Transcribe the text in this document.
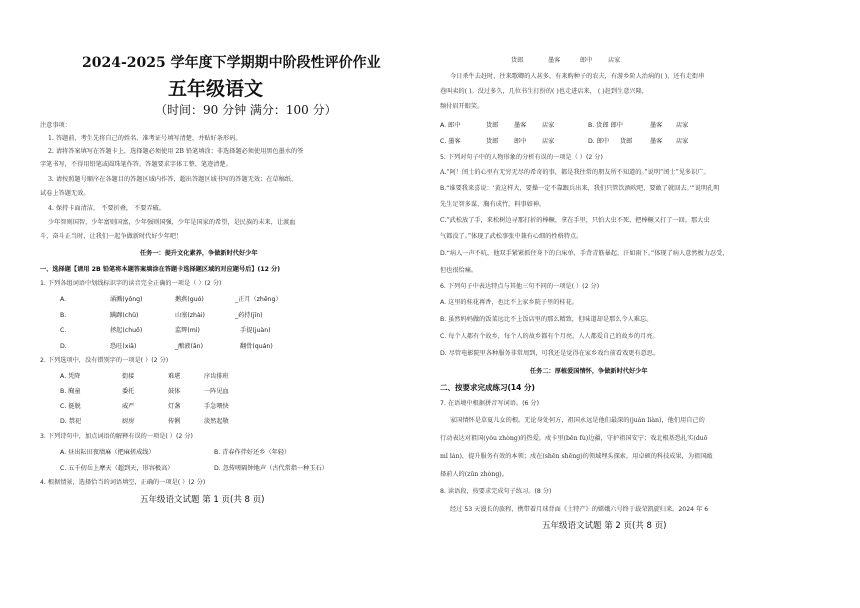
2024-2025 学年度下学期期中阶段性评价作业
五年级语文
（时间：90 分钟 满分：100 分）
注意事项：
1. 答题前，考生先将自己的姓名、准考证号填写清楚，并贴好条形码。
2. 请将答案填写在答题卡上，选择题必须使用 2B 铅笔填涂；非选择题必须使用黑色墨水的签
字笔书写，不得用铅笔或圆珠笔作答，答题要求字体工整、笔迹清楚。
3. 请按照题号顺序在各题目的答题区域内作答，超出答题区域书写的答题无效；在草稿纸、
试卷上答题无效。
4. 保持卡面清洁， 不要折叠， 不要弄破。
少年智则国智，少年富则国富，少年强则国强，少年是国家的希望，是民族的未来，让渡血
斗，奋斗正当时，让我们一起争做新时代好少年吧！
任务一：提升文化素养，争做新时代好少年
一、选择题【请用 2B 铅笔将本题答案填涂在答题卡选择题区域的对应题号后】(12 分)
1. 下列各组词语中划线标识字的读音完全正确的一项是（ ）(2 分)
A.	涌溅(yǒng)	鹅燕(guó)	_正月（zhēng）
B.	蹒蹿(chǔ)	山塞(zhài)	_药持(jīn)
C.	拯起(chuō)	监辉(mì)	手提(juàn)
D.	恐旺(xiā)	_酿液(ān)	翻骨(quán)
2. 下列选项中，没有错别字的一项是( ）(2 分)
A. 凭降	街接	难堪	序齿排班
B. 胸童	委托	鼓体	一阵见血
C. 挺脱	威严	灯盏	手急喂快
D. 禁祀	厨房	传俐	淡然起敬
3. 下列诗句中，加点词语的解释有误的一项是( ）(2 分)
A. 昼出耘田夜绩麻（把麻搓成线）	B. 青春作伴好还乡（年轻）
C. 五千仞岳上摩天（超到天，形容极高）	D. 忽传嗟隔钟地声（古代常指一种玉石）
4. 根据情景，选择恰当的词语填空，正确的一项是( ）(2 分)
五年级语文试题 第 1 页(共 8 页)
货郎	墨客	郎中	店家
今日杀牛去赶时，往来歌卿的人甚多，有来购种子的农夫，有游乡阶人治病的( )，还有走街串
巷叫卖的( )。没过多久，几位书生打扮的( )也走进店来， ( )赶到生意兴隆，
频付眉开眼笑。
A. 郎中	货郎	墨客	店家	B. 货郎 郎中	墨客 店家
C. 墨客	货郎	郎中	店家	D. 郎中 货郎	墨客 店家
5. 下列对句子中的人物形象的分析有误的一项是（ ）(2 分)
A.“阿！闰土的心里有无穷无尽的希奇的事，都是我往常的朋友所不知道的。”说明“闰土”见多识广。
B.“谁要我来喜说：‘黄这样大，要操一定不靠跟兵出来，我们只管饮酒吹吧，要敢了就回去。’”说明孔明
先生足智多谋，胸有成竹，料事如神。
C.“武松放了手，来松树边寻那打折的棒橛，拿在手里，只怕大虫不死，把棒橛又打了一回。那大虫
气都没了。”体现了武松事张中兼有心细的性格特点。
D.“病人一声不吭，他双手紧紧抓住身下的白床单，手背青筋暴起，汗如雨下。”体现了病人意然极力忍受，
但也很恰痛。
6. 下列句子中表达特点与其他三句不同的一项是( ）(2 分)
A. 这里的桂花再香，也比不上家乡院子里的桂花。
B. 虽然妈妈做的饭菜远比不上饭店里的那么精致，但味道却是那么令人难忘。
C. 每个人都有个故乡，每个人的故乡都有个月亮。人人都爱自己的故乡的月亮。
D. 尽管电影院里各种服务非常周到，可我还是觉得在家乡戏台前看戏更有意思。
任务二：厚植爱国情怀，争做新时代好少年
二、按要求完成练习(14 分)
7. 在语境中根据拼音写词语。(6 分)
家国情怀是草夏儿女的根。无论身处何方，祖国永远是他们最深的(juàn liàn)，他们用自己的
行动表达对祖国(yǒu zhòng)的热爱。戍卡里(bēn fù)边疆，守护祖国安宁；戏北根基恐扎实(duō
mǐ lán)，提升服务有效的本领；戍在(shēn shēng)的领域埋头探索，用卓硕的科技成果，为祖国敲
择前人的(zūn zhòng)。
8. 读语段，按要求完成句子练习。(8 分)
经过 53 天漫长的旅程，携带着月球背面《土特产》的嫦娥六号终于载荣凯旋归来。2024 年 6
五年级语文试题 第 2 页(共 8 页)
